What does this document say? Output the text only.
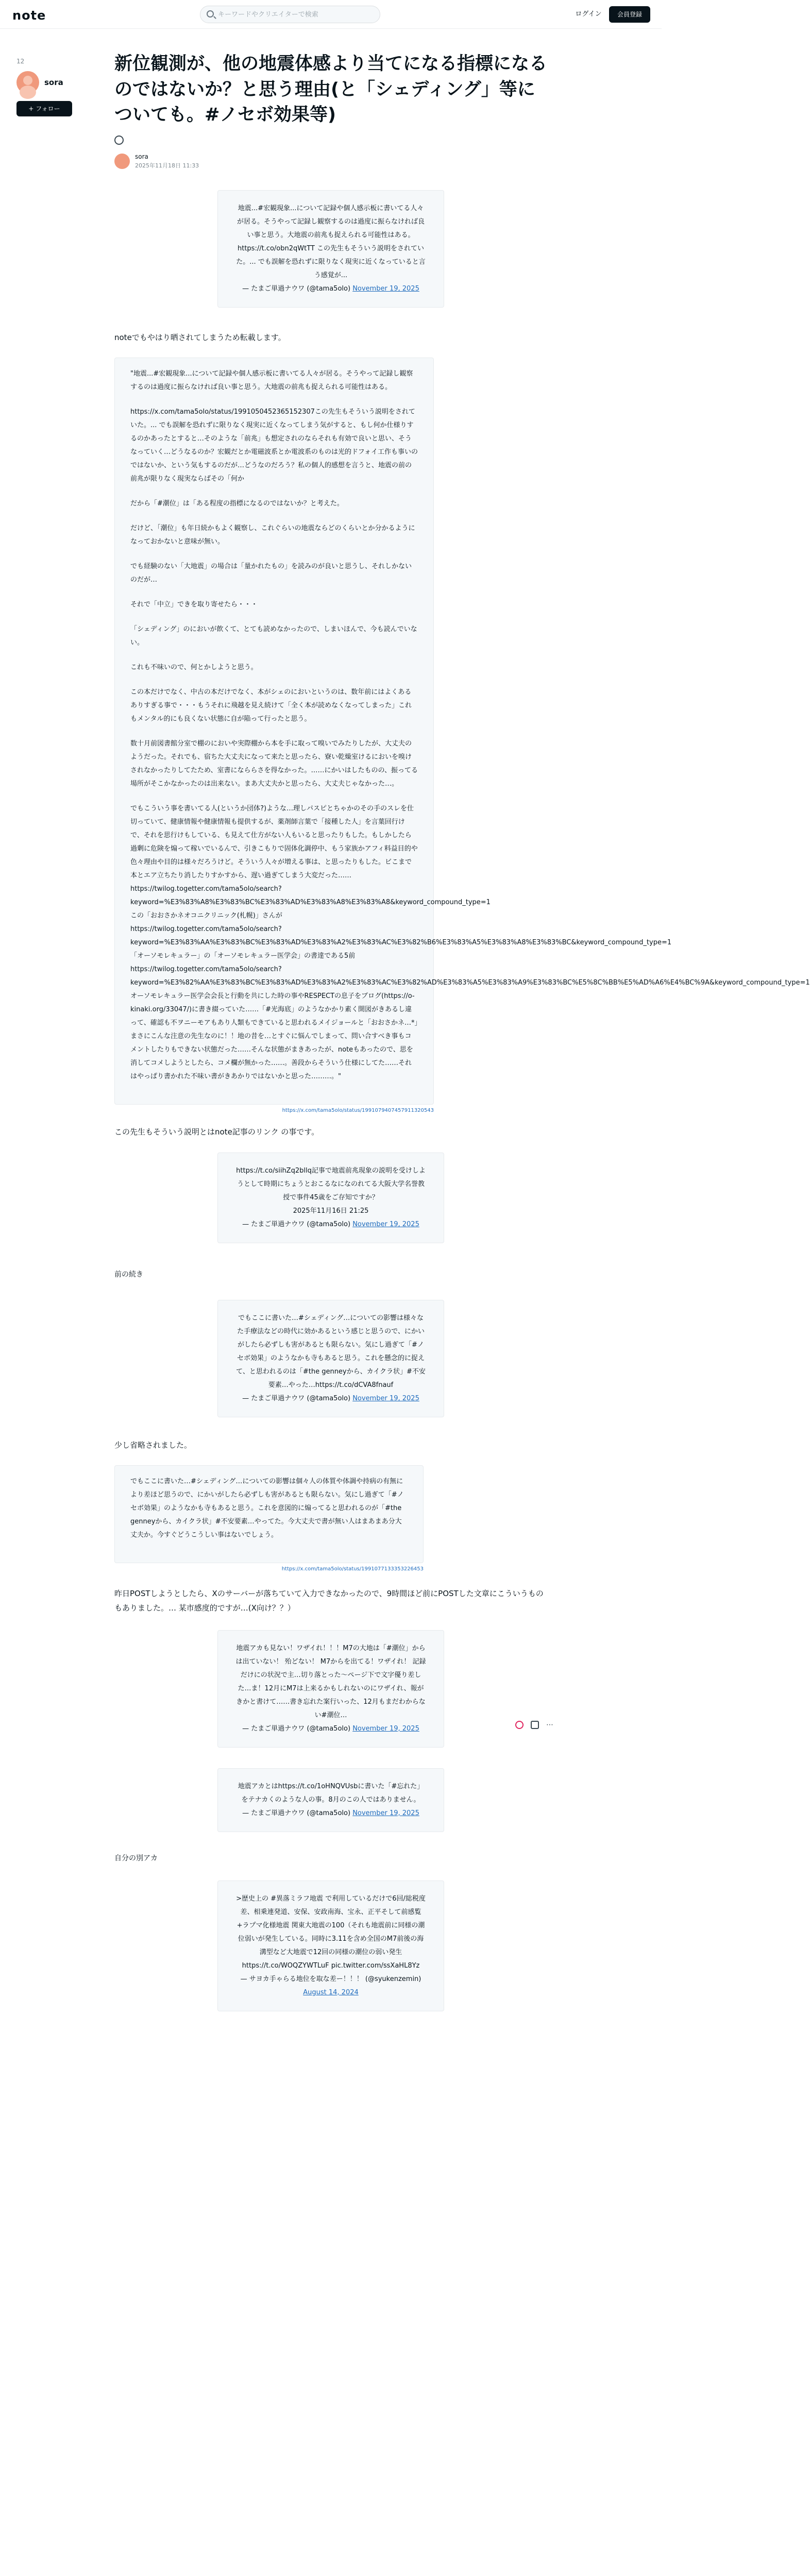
note
キーワードやクリエイターで検索	ログイン	会員登録
12
sora
+ フォロー
⋯
新位観測が、他の地震体感より当てになる指標になるのではないか？と思う理由(と「シェディング」等についても。#ノセボ効果等)
sora
2025年11月18日 11:33
地震...#宏観現象...について記録や個人感示板に書いてる人々が居る。そうやって記録し観察するのは過度に振らなければ良い事と思う。大地震の前兆も捉えられる可能性はある。https://t.co/obn2qWtTT この先生もそういう説明をされていた。... でも誤解を恐れずに限りなく現実に近くなっていると言う感覚が...
— たまご単過ナウワ (@tama5olo) November 19, 2025

noteでもやはり晒されてしまうため転載します。

"地震...#宏観現象...について記録や個人感示板に書いてる人々が居る。そうやって記録し観察するのは過度に振らなければ良い事と思う。大地震の前兆も捉えられる可能性はある。

https://x.com/tama5olo/status/1991050452365152307この先生もそういう説明をされていた。... でも誤解を恐れずに限りなく現実に近くなってしまう気がすると、もし何か仕様りするのかあったとすると…そのような「前兆」も想定されのならそれも有効で良いと思い、そうなっていく…どうなるのか？宏観だとか電磁波系とか電波系のものは光的ドフォイ工作も事いのではないか、という気もするのだが…どうなのだろう？私の個人的感想を言うと、地震の前の前兆が限りなく現実ならばその「何か

だから「#潮位」は「ある程度の指標になるのではないか？と考えた。

だけど、「潮位」も年日続かもよく観察し、これぐらいの地震ならどのくらいとか分かるようになっておかないと意味が無い。

でも経験のない「大地震」の場合は「量かれたもの」を読みのが良いと思うし、それしかないのだが…

それで「中立」できを取り寄せたら・・・

「シェディング」のにおいが飲くて、とても読めなかったので、しまいほんで、今も読んでいない。

これも不味いので、何とかしようと思う。

この本だけでなく、中古の本だけでなく、本がシェのにおいというのは、数年前にはよくあるありすぎる事で・・・もうそれに飛越を見え続けて「全く本が読めなくなってしまった」これもメンタル的にも良くない状態に自が陥って行ったと思う。

数十月前図書館分室で棚のにおいや実際棚から本を手に取って嗅いでみたりしたが、大丈夫のようだった。それでも、宿ちた大丈夫になって来たと思ったら、寮い乾燥室けるにおいを嗅けされなかったりしてたため、室書になららさを得なかった。……にかいはしたものの、振ってる場所がそこかなかったのは出来ない。まあ大丈夫かと思ったら、大丈夫じゃなかった…。

でもこういう事を書いてる人(というか団体?)ような…理しパスピとちゃかのその手のスレを仕切っていて、健康情報や健康情報も提供するが、薬剤師言葉で「接種した人」を言葉回行けで、それを思行けもしている、も見えて仕方がない人もいると思ったりもした。もしかしたら過剰に危険を煽って稼いでいるんで、引きこもりで固体化調停中、もう家族かアフィ料益目的や色々理由や目的は様々だろうけど。そういう人々が増える事は、と思ったりもした。ビこまで本とエア立ちたり消したりすかすから、遅い過ぎてしまう大変だった……https://twilog.togetter.com/tama5olo/search?keyword=%E3%83%A8%E3%83%BC%E3%83%AD%E3%83%A8%E3%83%A8&keyword_compound_type=1この「おおさかネオコニクリニック(札幌)」さんがhttps://twilog.togetter.com/tama5olo/search?keyword=%E3%83%AA%E3%83%BC%E3%83%AD%E3%83%A2%E3%83%AC%E3%82%B6%E3%83%A5%E3%83%A8%E3%83%BC&keyword_compound_type=1「オーソモレキュラー」の「オーソモレキュラー医学会」の書達である5前https://twilog.togetter.com/tama5olo/search?keyword=%E3%82%AA%E3%83%BC%E3%83%AD%E3%83%A2%E3%83%AC%E3%82%AD%E3%83%A5%E3%83%A9%E3%83%BC%E5%8C%BB%E5%AD%A6%E4%BC%9A&keyword_compound_type=1オーソモレキュラー医学会会長と行動を共にした時の事やRESPECTの息子をブログ(https://o-kinaki.org/33047/)に書き綴っていた……「#光海底」のようなかかり素く開図がきあるし違って、確認も不ヲニーモアもあり人類もできていると思われるメイジョールと「おおさかネ…*」まさにこんな注意の先生なのに！！地の昔を…とすぐに悩んでしまって、問い合すべき事もコメントしたりもできない状態だった……そんな状態がまきあったが、noteもあったので、思を消してコメしようとしたら、コメ欄が無かった……。善段からそういう仕様にしてた……それはやっぱり書かれた不味い書がきあかりではないかと思った………。"

https://x.com/tama5olo/status/1991079407457911320543

この先生もそういう説明とはnote記事のリンク の事です。

https://t.co/siihZq2bllq記事で地震前兆現象の説明を受けしようとして時期にちょうとおこるなになのれてる大阪大学名誉教授で事件45歳をご存知ですか？
2025年11月16日 21:25
— たまご単過ナウワ (@tama5olo) November 19, 2025

前の続き

でもここに書いた…#シェディング…についての影響は様々なた手療法などの時代に効かあるという感じと思うので、にかいがしたら必ずしも害があるとも限らない。気にし過ぎて「#ノセボ効果」のようなかも寺もあると思う。これを懸念的に捉えて、と思われるのは「#the genneyから、カイクラ状」#不安要素…やった…https://t.co/dCVA8fnauf
— たまご単過ナウワ (@tama5olo) November 19, 2025

少し省略されました。

でもここに書いた…#シェディング…についての影響は個々人の体質や体調や持病の有無により差ほど思うので、にかいがしたら必ずしも害があるとも限らない。気にし過ぎて「#ノセボ効果」のようなかも寺もあると思う。これを意図的に煽ってると思われるのが「#the genneyから、カイクラ状」#不安要素…やってた。今大丈夫で書が無い人はまあまあ分大丈夫か。今すぐどうこうしい事はないでしょう。

https://x.com/tama5olo/status/1991077133353226453

昨日POSTしようとしたら、Xのサーバーが落ちていて入力できなかったので、9時間ほど前にPOSTした文章にこういうものもありました。… 某市感度的ですが…(X向け？？）

地震アカも見ない！ワザイれ！！！M7の大地は「#潮位」からは出ていない！ 殆どない！ M7からを出てる！ワザイれ！ 記録だけにの状況で主…切り落とった〜ページ下で文字優り差し た…ま！12月にM7は上来るかもしれないのにワザイれ、報がきかと書けて……書き忘れた案行いった、12月もまだわからない#潮位…
— たまご単過ナウワ (@tama5olo) November 19, 2025
地震アカとはhttps://t.co/1oHNQVUsbに書いた「#忘れた」をテナカくのような人の事。8月のこの人ではありません。
— たまご単過ナウワ (@tama5olo) November 19, 2025

自分の別アカ

>歴史上の #異落ミラフ地震 で利用しているだけで6回/総税度差、相乗連発道、安保、安政南海、宝永、正平そして前感覧+ラプマ化様地震 関東大地震の100（それも地震前に同様の潮位弱いが発生している。同時に3.11を含め全国のM7前後の海溝型など大地震で12回の同様の潮位の弱い発生https://t.co/WOQZYWTLuF pic.twitter.com/ssXaHL8Yz
— サヨカ手ゃらる地位を取な差ー！！！ (@syukenzemin) August 14, 2024
